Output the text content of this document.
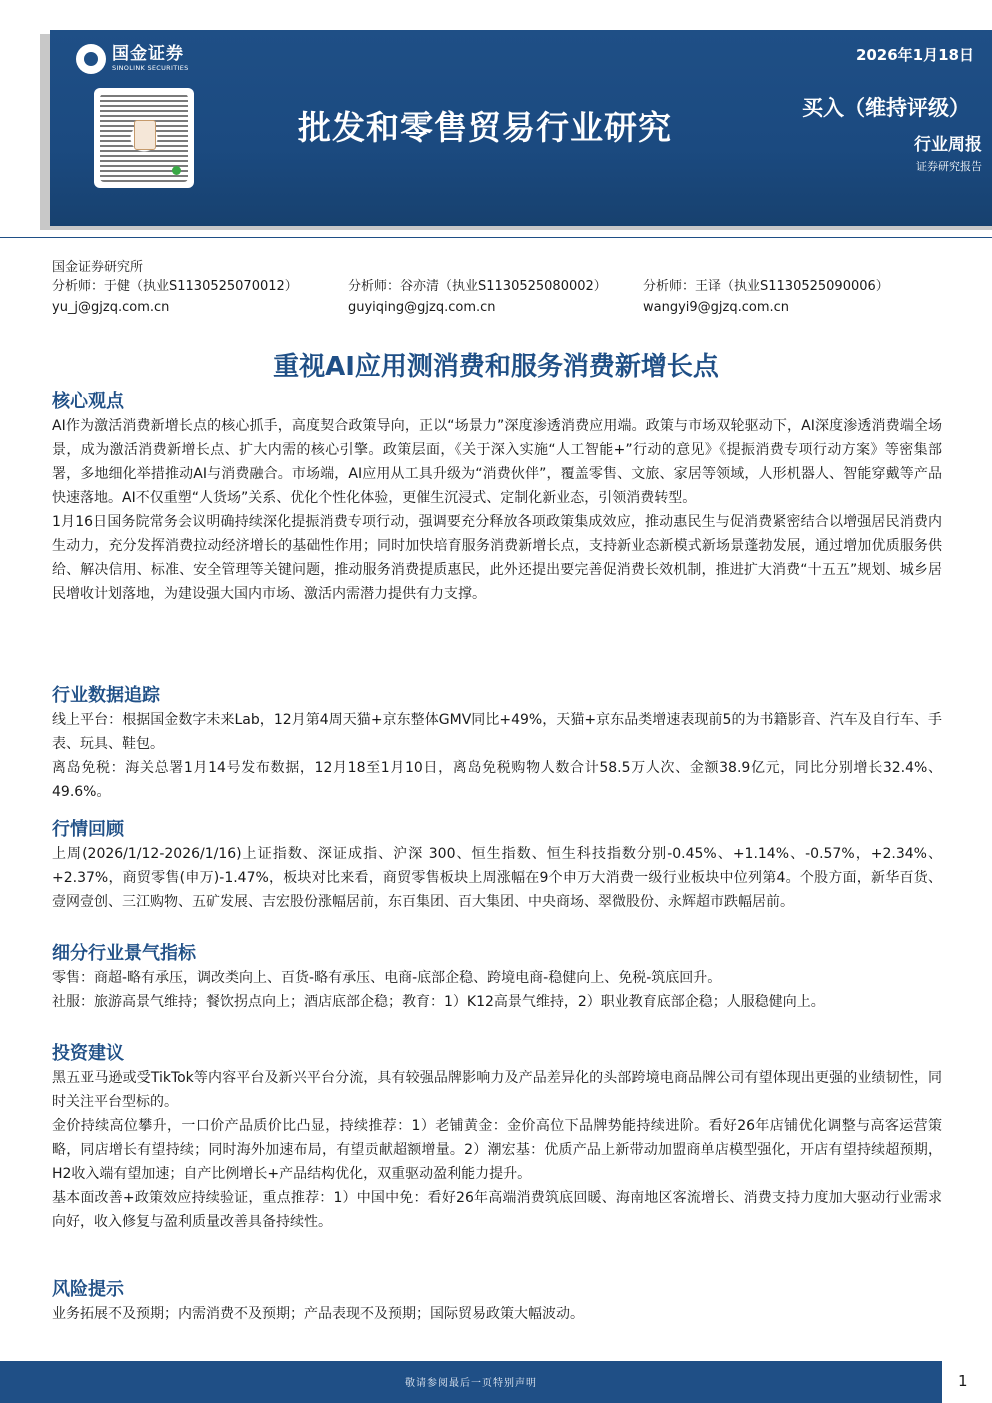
国金证券
SINOLINK SECURITIES
批发和零售贸易行业研究
2026年1月18日
买入（维持评级）
行业周报
证券研究报告
国金证券研究所
分析师：于健（执业S1130525070012）
yu_j@gjzq.com.cn
分析师：谷亦清（执业S1130525080002）
guyiqing@gjzq.com.cn
分析师：王译（执业S1130525090006）
wangyi9@gjzq.com.cn
重视AI应用测消费和服务消费新增长点
核心观点

AI作为激活消费新增长点的核心抓手，高度契合政策导向，正以“场景力”深度渗透消费应用端。政策与市场双轮驱动下，AI深度渗透消费端全场景，成为激活消费新增长点、扩大内需的核心引擎。政策层面，《关于深入实施“人工智能+”行动的意见》《提振消费专项行动方案》等密集部署，多地细化举措推动AI与消费融合。市场端，AI应用从工具升级为“消费伙伴”，覆盖零售、文旅、家居等领域，人形机器人、智能穿戴等产品快速落地。AI不仅重塑“人货场”关系、优化个性化体验，更催生沉浸式、定制化新业态，引领消费转型。

1月16日国务院常务会议明确持续深化提振消费专项行动，强调要充分释放各项政策集成效应，推动惠民生与促消费紧密结合以增强居民消费内生动力，充分发挥消费拉动经济增长的基础性作用；同时加快培育服务消费新增长点，支持新业态新模式新场景蓬勃发展，通过增加优质服务供给、解决信用、标准、安全管理等关键问题，推动服务消费提质惠民，此外还提出要完善促消费长效机制，推进扩大消费“十五五”规划、城乡居民增收计划落地，为建设强大国内市场、激活内需潜力提供有力支撑。

行业数据追踪

线上平台：根据国金数字未来Lab，12月第4周天猫+京东整体GMV同比+49%，天猫+京东品类增速表现前5的为书籍影音、汽车及自行车、手表、玩具、鞋包。

离岛免税：海关总署1月14号发布数据，12月18至1月10日，离岛免税购物人数合计58.5万人次、金额38.9亿元，同比分别增长32.4%、49.6%。

行情回顾

上周(2026/1/12-2026/1/16)上证指数、深证成指、沪深 300、恒生指数、恒生科技指数分别-0.45%、+1.14%、-0.57%，+2.34%、+2.37%，商贸零售(申万)-1.47%，板块对比来看，商贸零售板块上周涨幅在9个申万大消费一级行业板块中位列第4。个股方面，新华百货、壹网壹创、三江购物、五矿发展、吉宏股份涨幅居前，东百集团、百大集团、中央商场、翠微股份、永辉超市跌幅居前。

细分行业景气指标

零售：商超-略有承压，调改类向上、百货-略有承压、电商-底部企稳、跨境电商-稳健向上、免税-筑底回升。

社服：旅游高景气维持；餐饮拐点向上；酒店底部企稳；教育：1）K12高景气维持，2）职业教育底部企稳；人服稳健向上。

投资建议

黑五亚马逊或受TikTok等内容平台及新兴平台分流，具有较强品牌影响力及产品差异化的头部跨境电商品牌公司有望体现出更强的业绩韧性，同时关注平台型标的。

金价持续高位攀升，一口价产品质价比凸显，持续推荐：1）老铺黄金：金价高位下品牌势能持续进阶。看好26年店铺优化调整与高客运营策略，同店增长有望持续；同时海外加速布局，有望贡献超额增量。2）潮宏基：优质产品上新带动加盟商单店模型强化，开店有望持续超预期，H2收入端有望加速；自产比例增长+产品结构优化，双重驱动盈利能力提升。

基本面改善+政策效应持续验证，重点推荐：1）中国中免：看好26年高端消费筑底回暖、海南地区客流增长、消费支持力度加大驱动行业需求向好，收入修复与盈利质量改善具备持续性。

风险提示

业务拓展不及预期；内需消费不及预期；产品表现不及预期；国际贸易政策大幅波动。

敬请参阅最后一页特别声明	1
